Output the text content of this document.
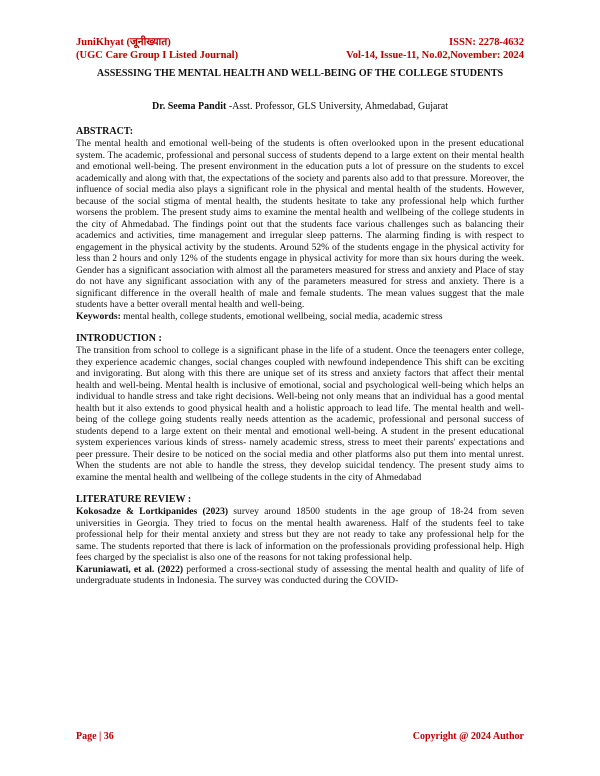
JuniKhyat (जूनीख्यात)	ISSN: 2278-4632
(UGC Care Group I Listed Journal)	Vol-14, Issue-11, No.02,November: 2024
ASSESSING THE MENTAL HEALTH AND WELL-BEING OF THE COLLEGE STUDENTS
Dr. Seema Pandit -Asst. Professor, GLS University, Ahmedabad, Gujarat
ABSTRACT:

The mental health and emotional well-being of the students is often overlooked upon in the present educational system. The academic, professional and personal success of students depend to a large extent on their mental health and emotional well-being. The present environment in the education puts a lot of pressure on the students to excel academically and along with that, the expectations of the society and parents also add to that pressure. Moreover, the influence of social media also plays a significant role in the physical and mental health of the students. However, because of the social stigma of mental health, the students hesitate to take any professional help which further worsens the problem. The present study aims to examine the mental health and wellbeing of the college students in the city of Ahmedabad. The findings point out that the students face various challenges such as balancing their academics and activities, time management and irregular sleep patterns. The alarming finding is with respect to engagement in the physical activity by the students. Around 52% of the students engage in the physical activity for less than 2 hours and only 12% of the students engage in physical activity for more than six hours during the week. Gender has a significant association with almost all the parameters measured for stress and anxiety and Place of stay do not have any significant association with any of the parameters measured for stress and anxiety. There is a significant difference in the overall health of male and female students. The mean values suggest that the male students have a better overall mental health and well-being.

Keywords: mental health, college students, emotional wellbeing, social media, academic stress

INTRODUCTION :

The transition from school to college is a significant phase in the life of a student. Once the teenagers enter college, they experience academic changes, social changes coupled with newfound independence This shift can be exciting and invigorating. But along with this there are unique set of its stress and anxiety factors that affect their mental health and well-being. Mental health is inclusive of emotional, social and psychological well-being which helps an individual to handle stress and take right decisions. Well-being not only means that an individual has a good mental health but it also extends to good physical health and a holistic approach to lead life. The mental health and well-being of the college going students really needs attention as the academic, professional and personal success of students depend to a large extent on their mental and emotional well-being. A student in the present educational system experiences various kinds of stress- namely academic stress, stress to meet their parents' expectations and peer pressure. Their desire to be noticed on the social media and other platforms also put them into mental unrest. When the students are not able to handle the stress, they develop suicidal tendency. The present study aims to examine the mental health and wellbeing of the college students in the city of Ahmedabad

LITERATURE REVIEW :

Kokosadze & Lortkipanides (2023) survey around 18500 students in the age group of 18-24 from seven universities in Georgia. They tried to focus on the mental health awareness. Half of the students feel to take professional help for their mental anxiety and stress but they are not ready to take any professional help for the same. The students reported that there is lack of information on the professionals providing professional help. High fees charged by the specialist is also one of the reasons for not taking professional help.

Karuniawati, et al. (2022) performed a cross-sectional study of assessing the mental health and quality of life of undergraduate students in Indonesia. The survey was conducted during the COVID-

Page | 36	Copyright @ 2024 Author
